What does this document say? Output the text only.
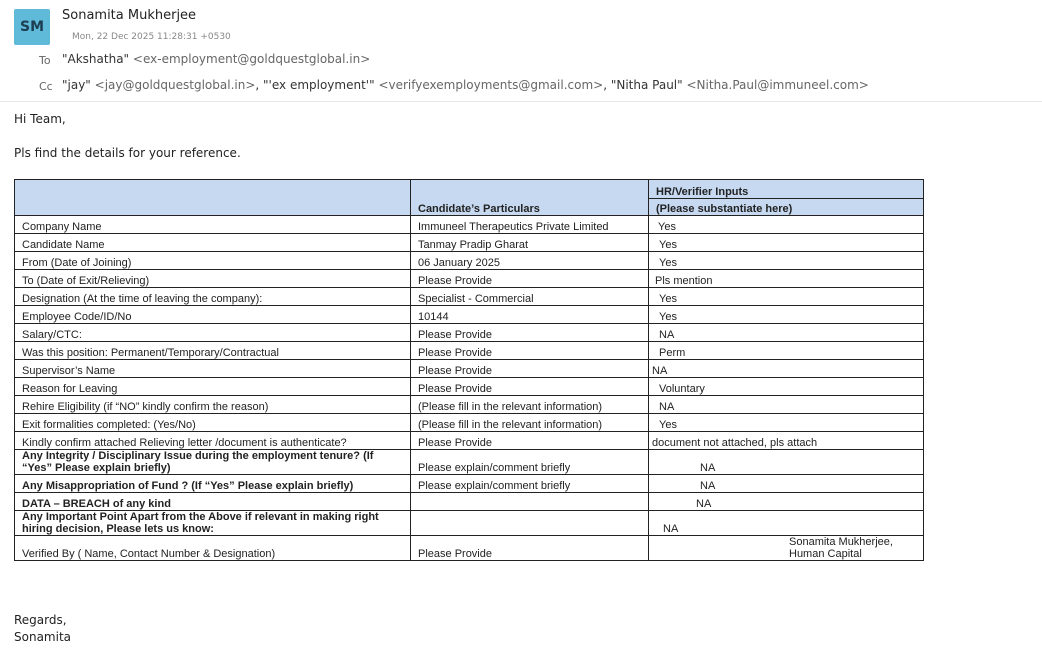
SM
Sonamita Mukherjee
Mon, 22 Dec 2025 11:28:31 +0530
To "Akshatha" <ex-employment@goldquestglobal.in>
Cc "jay" <jay@goldquestglobal.in>, "'ex employment'" <verifyexemployments@gmail.com>, "Nitha Paul" <Nitha.Paul@immuneel.com>
Hi Team,
Pls find the details for your reference.
	Candidate’s Particulars	HR/Verifier Inputs
(Please substantiate here)

Company Name	Immuneel Therapeutics Private Limited	Yes
Candidate Name	Tanmay Pradip Gharat	Yes
From (Date of Joining)	06 January 2025	Yes
To (Date of Exit/Relieving)	Please Provide	Pls mention
Designation (At the time of leaving the company):	Specialist - Commercial	Yes
Employee Code/ID/No	10144	Yes
Salary/CTC:	Please Provide	NA
Was this position: Permanent/Temporary/Contractual	Please Provide	Perm
Supervisor’s Name	Please Provide	NA
Reason for Leaving	Please Provide	Voluntary
Rehire Eligibility (if “NO” kindly confirm the reason)	(Please fill in the relevant information)	NA
Exit formalities completed: (Yes/No)	(Please fill in the relevant information)	Yes
Kindly confirm attached Relieving letter /document is authenticate?	Please Provide	document not attached, pls attach
Any Integrity / Disciplinary Issue during the employment tenure? (If “Yes” Please explain briefly)	Please explain/comment briefly	NA
Any Misappropriation of Fund ? (If “Yes” Please explain briefly)	Please explain/comment briefly	NA
DATA – BREACH of any kind		NA
Any Important Point Apart from the Above if relevant in making right hiring decision, Please lets us know:		NA
Verified By ( Name, Contact Number & Designation)	Please Provide	Sonamita Mukherjee, Human Capital
Regards,
Sonamita
